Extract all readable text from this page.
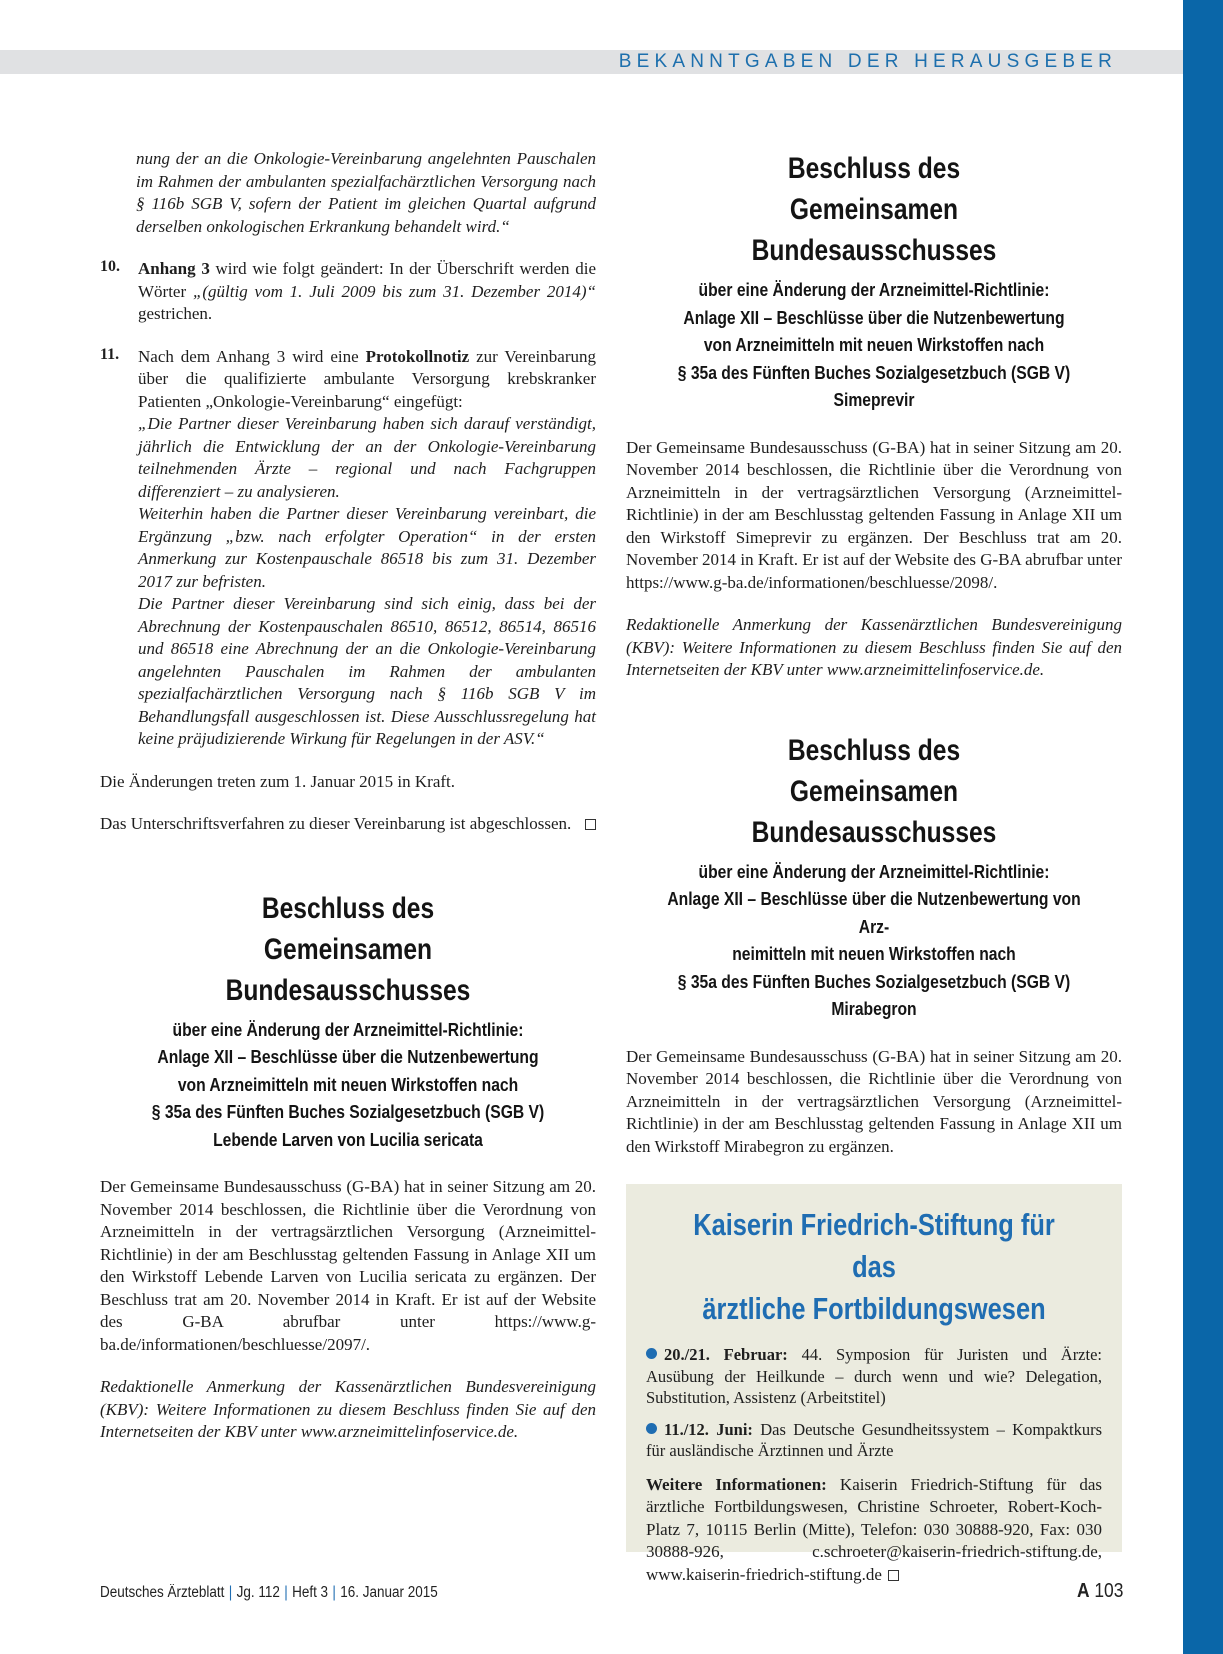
BEKANNTGABEN DER HERAUSGEBER

nung der an die Onkologie-Vereinbarung angelehnten Pauschalen im Rahmen der ambulanten spezialfachärztlichen Versorgung nach § 116b SGB V, sofern der Patient im gleichen Quartal aufgrund derselben onkologischen Erkrankung behandelt wird.“

10. Anhang 3 wird wie folgt geändert: In der Überschrift werden die Wörter „(gültig vom 1. Juli 2009 bis zum 31. Dezember 2014)“ gestrichen.

11. Nach dem Anhang 3 wird eine Protokollnotiz zur Vereinbarung über die qualifizierte ambulante Versorgung krebskranker Patienten „Onkologie-Vereinbarung“ eingefügt:

„Die Partner dieser Vereinbarung haben sich darauf verständigt, jährlich die Entwicklung der an der Onkologie-Vereinbarung teilnehmenden Ärzte – regional und nach Fachgruppen differenziert – zu analysieren.

Weiterhin haben die Partner dieser Vereinbarung vereinbart, die Ergänzung „bzw. nach erfolgter Operation“ in der ersten Anmerkung zur Kostenpauschale 86518 bis zum 31. Dezember 2017 zur befristen.

Die Partner dieser Vereinbarung sind sich einig, dass bei der Abrechnung der Kostenpauschalen 86510, 86512, 86514, 86516 und 86518 eine Abrechnung der an die Onkologie-Vereinbarung angelehnten Pauschalen im Rahmen der ambulanten spezialfachärztlichen Versorgung nach § 116b SGB V im Behandlungsfall ausgeschlossen ist. Diese Ausschlussregelung hat keine präjudizierende Wirkung für Regelungen in der ASV.“

Die Änderungen treten zum 1. Januar 2015 in Kraft.

Das Unterschriftsverfahren zu dieser Vereinbarung ist abgeschlossen.

Beschluss des
Gemeinsamen Bundesausschusses
über eine Änderung der Arzneimittel-Richtlinie:
Anlage XII – Beschlüsse über die Nutzenbewertung
von Arzneimitteln mit neuen Wirkstoffen nach
§ 35a des Fünften Buches Sozialgesetzbuch (SGB V)
Lebende Larven von Lucilia sericata

Der Gemeinsame Bundesausschuss (G-BA) hat in seiner Sitzung am 20. November 2014 beschlossen, die Richtlinie über die Verordnung von Arzneimitteln in der vertragsärztlichen Versorgung (Arzneimittel-Richtlinie) in der am Beschlusstag geltenden Fassung in Anlage XII um den Wirkstoff Lebende Larven von Lucilia sericata zu ergänzen. Der Beschluss trat am 20. November 2014 in Kraft. Er ist auf der Website des G-BA abrufbar unter https://www.g-ba.de/informationen/beschluesse/2097/.

Redaktionelle Anmerkung der Kassenärztlichen Bundesvereinigung (KBV): Weitere Informationen zu diesem Beschluss finden Sie auf den Internetseiten der KBV unter www.arzneimittelinfoservice.de.

Beschluss des
Gemeinsamen Bundesausschusses
über eine Änderung der Arzneimittel-Richtlinie:
Anlage XII – Beschlüsse über die Nutzenbewertung
von Arzneimitteln mit neuen Wirkstoffen nach
§ 35a des Fünften Buches Sozialgesetzbuch (SGB V)
Simeprevir

Der Gemeinsame Bundesausschuss (G-BA) hat in seiner Sitzung am 20. November 2014 beschlossen, die Richtlinie über die Verordnung von Arzneimitteln in der vertragsärztlichen Versorgung (Arzneimittel-Richtlinie) in der am Beschlusstag geltenden Fassung in Anlage XII um den Wirkstoff Simeprevir zu ergänzen. Der Beschluss trat am 20. November 2014 in Kraft. Er ist auf der Website des G-BA abrufbar unter https://www.g-ba.de/informationen/beschluesse/2098/.

Redaktionelle Anmerkung der Kassenärztlichen Bundesvereinigung (KBV): Weitere Informationen zu diesem Beschluss finden Sie auf den Internetseiten der KBV unter www.arzneimittelinfoservice.de.

Beschluss des
Gemeinsamen Bundesausschusses
über eine Änderung der Arzneimittel-Richtlinie:
Anlage XII – Beschlüsse über die Nutzenbewertung von Arz-
neimitteln mit neuen Wirkstoffen nach
§ 35a des Fünften Buches Sozialgesetzbuch (SGB V)
Mirabegron

Der Gemeinsame Bundesausschuss (G-BA) hat in seiner Sitzung am 20. November 2014 beschlossen, die Richtlinie über die Verordnung von Arzneimitteln in der vertragsärztlichen Versorgung (Arzneimittel-Richtlinie) in der am Beschlusstag geltenden Fassung in Anlage XII um den Wirkstoff Mirabegron zu ergänzen.

Kaiserin Friedrich-Stiftung für das
ärztliche Fortbildungswesen

20./21. Februar: 44. Symposion für Juristen und Ärzte: Ausübung der Heilkunde – durch wenn und wie? Delegation, Substitution, Assistenz (Arbeitstitel)

11./12. Juni: Das Deutsche Gesundheitssystem – Kompaktkurs für ausländische Ärztinnen und Ärzte

Weitere Informationen: Kaiserin Friedrich-Stiftung für das ärztliche Fortbildungswesen, Christine Schroeter, Robert-Koch-Platz 7, 10115 Berlin (Mitte), Telefon: 030 30888-920, Fax: 030 30888-926, c.schroeter@kaiserin-friedrich-stiftung.de, www.kaiserin-friedrich-stiftung.de

Deutsches Ärzteblatt | Jg. 112 | Heft 3 | 16. Januar 2015	A 103
